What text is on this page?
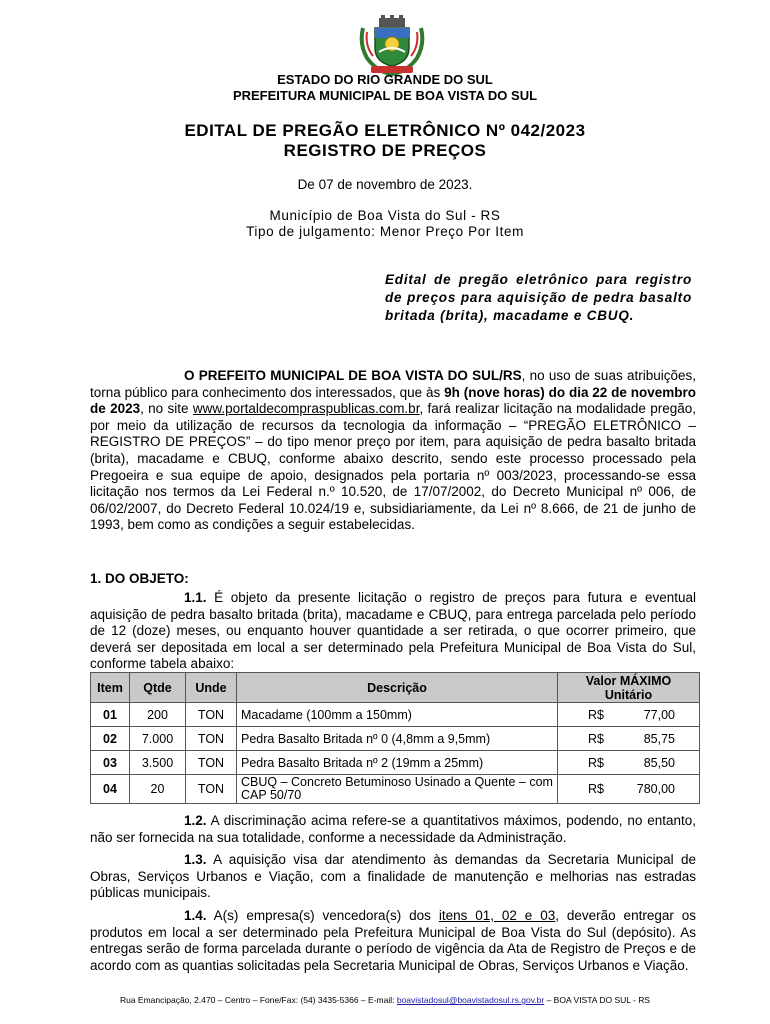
ESTADO DO RIO GRANDE DO SUL
PREFEITURA MUNICIPAL DE BOA VISTA DO SUL
EDITAL DE PREGÃO ELETRÔNICO Nº 042/2023
REGISTRO DE PREÇOS
De 07 de novembro de 2023.
Município de Boa Vista do Sul - RS
Tipo de julgamento: Menor Preço Por Item
Edital de pregão eletrônico para registro de preços para aquisição de pedra basalto britada (brita), macadame e CBUQ.
O PREFEITO MUNICIPAL DE BOA VISTA DO SUL/RS, no uso de suas atribuições, torna público para conhecimento dos interessados, que às 9h (nove horas) do dia 22 de novembro de 2023, no site www.portaldecompraspublicas.com.br, fará realizar licitação na modalidade pregão, por meio da utilização de recursos da tecnologia da informação – “PREGÃO ELETRÔNICO – REGISTRO DE PREÇOS” – do tipo menor preço por item, para aquisição de pedra basalto britada (brita), macadame e CBUQ, conforme abaixo descrito, sendo este processo processado pela Pregoeira e sua equipe de apoio, designados pela portaria nº 003/2023, processando-se essa licitação nos termos da Lei Federal n.º 10.520, de 17/07/2002, do Decreto Municipal nº 006, de 06/02/2007, do Decreto Federal 10.024/19 e, subsidiariamente, da Lei nº 8.666, de 21 de junho de 1993, bem como as condições a seguir estabelecidas.
1. DO OBJETO:
1.1. É objeto da presente licitação o registro de preços para futura e eventual aquisição de pedra basalto britada (brita), macadame e CBUQ, para entrega parcelada pelo período de 12 (doze) meses, ou enquanto houver quantidade a ser retirada, o que ocorrer primeiro, que deverá ser depositada em local a ser determinado pela Prefeitura Municipal de Boa Vista do Sul, conforme tabela abaixo:
Item	Qtde	Unde	Descrição	Valor MÁXIMO Unitário
01	200	TON	Macadame (100mm a 150mm)	R$ 77,00

02	7.000	TON	Pedra Basalto Britada nº 0 (4,8mm a 9,5mm)	R$ 85,75

03	3.500	TON	Pedra Basalto Britada nº 2 (19mm a 25mm)	R$ 85,50

04	20	TON	CBUQ – Concreto Betuminoso Usinado a Quente – com CAP 50/70	R$ 780,00
1.2. A discriminação acima refere-se a quantitativos máximos, podendo, no entanto, não ser fornecida na sua totalidade, conforme a necessidade da Administração.
1.3. A aquisição visa dar atendimento às demandas da Secretaria Municipal de Obras, Serviços Urbanos e Viação, com a finalidade de manutenção e melhorias nas estradas públicas municipais.
1.4. A(s) empresa(s) vencedora(s) dos itens 01, 02 e 03, deverão entregar os produtos em local a ser determinado pela Prefeitura Municipal de Boa Vista do Sul (depósito). As entregas serão de forma parcelada durante o período de vigência da Ata de Registro de Preços e de acordo com as quantias solicitadas pela Secretaria Municipal de Obras, Serviços Urbanos e Viação.
Rua Emancipação, 2.470 – Centro – Fone/Fax: (54) 3435-5366 – E-mail: boavistadosul@boavistadosul.rs.gov.br – BOA VISTA DO SUL - RS
